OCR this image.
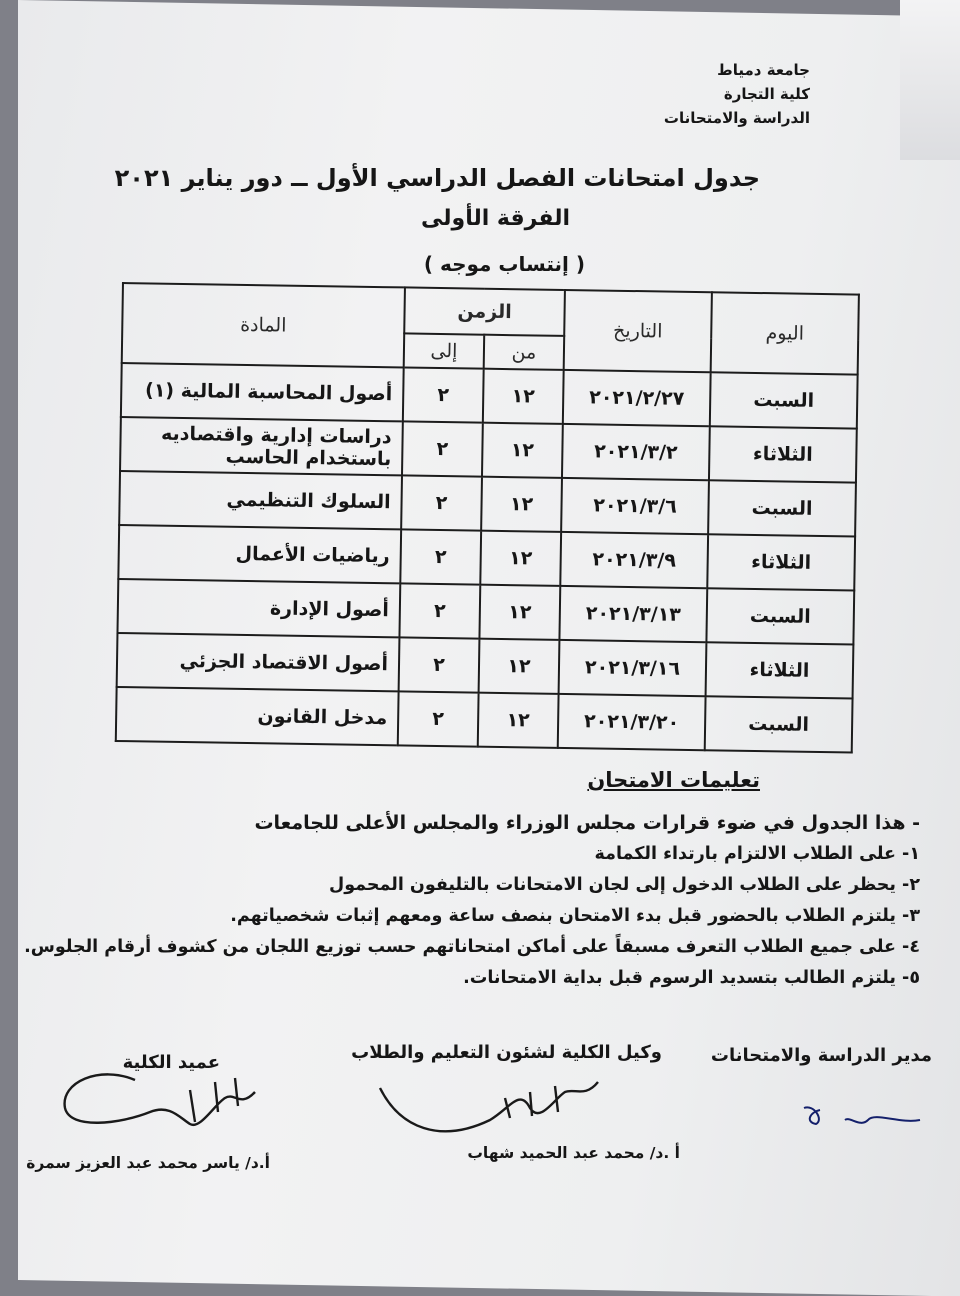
جامعة دمياط
كلية التجارة
الدراسة والامتحانات
جدول امتحانات الفصل الدراسي الأول ــ دور يناير ٢٠٢١
الفرقة الأولى
( إنتساب موجه )
اليوم	التاريخ	الزمن		المادة
		من	إلى	
السبت	٢٠٢١/٢/٢٧	١٢	٢	أصول المحاسبة المالية (١)
الثلاثاء	٢٠٢١/٣/٢	١٢	٢	دراسات إدارية واقتصاديه باستخدام الحاسب
السبت	٢٠٢١/٣/٦	١٢	٢	السلوك التنظيمي
الثلاثاء	٢٠٢١/٣/٩	١٢	٢	رياضيات الأعمال
السبت	٢٠٢١/٣/١٣	١٢	٢	أصول الإدارة
الثلاثاء	٢٠٢١/٣/١٦	١٢	٢	أصول الاقتصاد الجزئي
السبت	٢٠٢١/٣/٢٠	١٢	٢	مدخل القانون
تعليمات الامتحان
- هذا الجدول في ضوء قرارات مجلس الوزراء والمجلس الأعلى للجامعات
١- على الطلاب الالتزام بارتداء الكمامة
٢- يحظر على الطلاب الدخول إلى لجان الامتحانات بالتليفون المحمول
٣- يلتزم الطلاب بالحضور قبل بدء الامتحان بنصف ساعة ومعهم إثبات شخصياتهم.
٤- على جميع الطلاب التعرف مسبقاً على أماكن امتحاناتهم حسب توزيع اللجان من كشوف أرقام الجلوس.
٥- يلتزم الطالب بتسديد الرسوم قبل بداية الامتحانات.
مدير الدراسة والامتحانات
وكيل الكلية لشئون التعليم والطلاب
عميد الكلية
أ .د/ محمد عبد الحميد شهاب
أ.د/ ياسر محمد عبد العزيز سمرة
